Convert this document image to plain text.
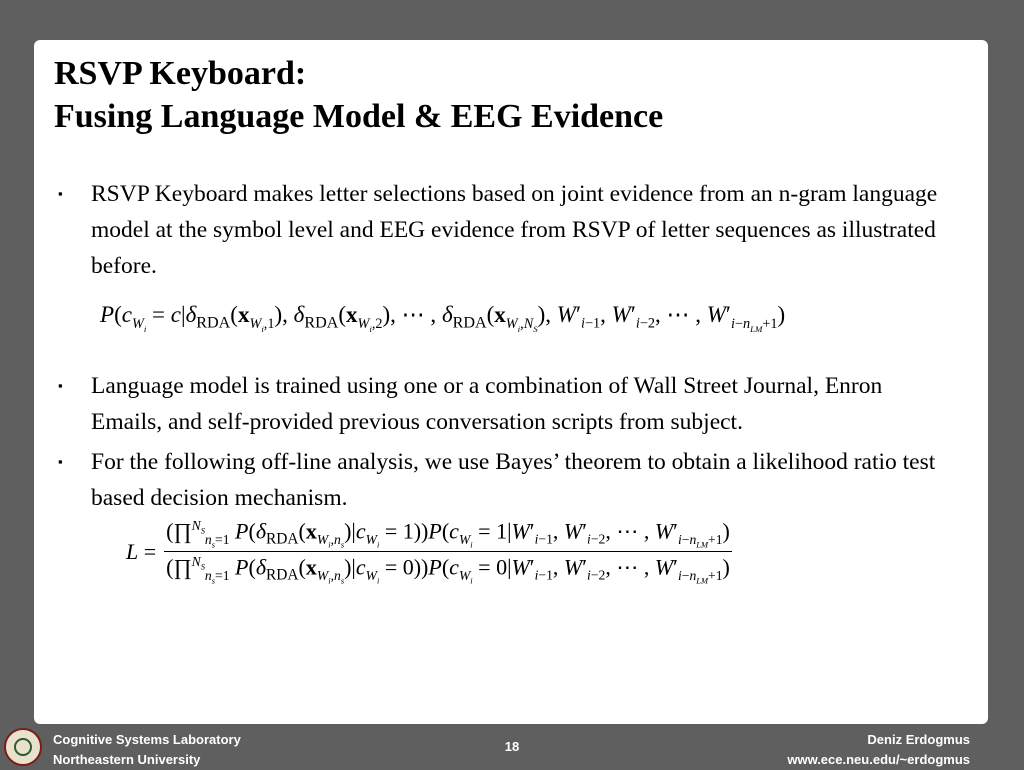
RSVP Keyboard:
Fusing Language Model & EEG Evidence
▪ RSVP Keyboard makes letter selections based on joint evidence from an n-gram language model at the symbol level and EEG evidence from RSVP of letter sequences as illustrated before.
$P(c_{W_i} = c|\delta_{RDA}(x_{W_i,1})$, $\delta_{RDA}(x_{W_i,2})$, ⋯ , $\delta_{RDA}(x_{W_i,N_S})$, $W'_{i-1}$, $W'_{i-2}$, ⋯ , $W'_{i-n_{LM}+1}$)
▪ Language model is trained using one or a combination of Wall Street Journal, Enron Emails, and self-provided previous conversation scripts from subject.
▪ For the following off-line analysis, we use Bayes’ theorem to obtain a likelihood ratio test based decision mechanism.
L =
(∏$^{N_S}_{n_s=1}$ $P(\delta_{RDA}(x_{W_i,n_s})|c_{W_i} = 1))P(c_{W_i} = 1|W'_{i-1}$, $W'_{i-2}$, ⋯ , $W'_{i-n_{LM}+1}$)
(∏$^{N_S}_{n_s=1}$ $P(\delta_{RDA}(x_{W_i,n_s})|c_{W_i} = 0))P(c_{W_i} = 0|W'_{i-1}$, $W'_{i-2}$, ⋯ , $W'_{i-n_{LM}+1}$)
Cognitive Systems Laboratory
Northeastern University
18	Deniz Erdogmus
www.ece.neu.edu/~erdogmus
